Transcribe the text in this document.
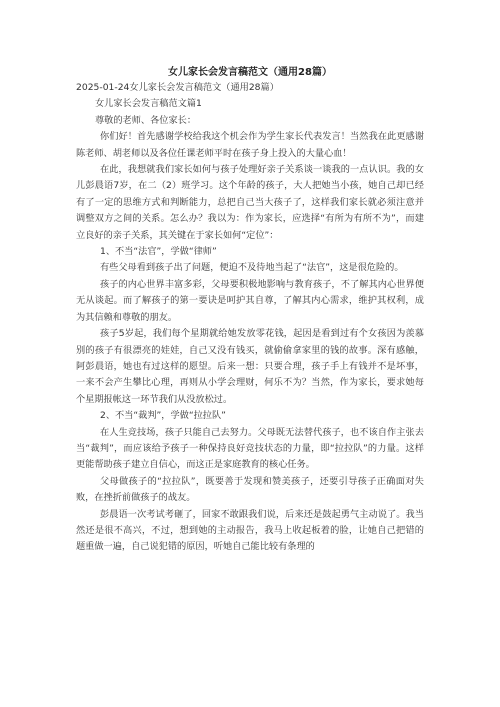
女儿家长会发言稿范文（通用28篇）

2025-01-24女儿家长会发言稿范文（通用28篇）

女儿家长会发言稿范文篇1

尊敬的老师、各位家长：

你们好！首先感谢学校给我这个机会作为学生家长代表发言！当然我在此更感谢陈老师、胡老师以及各位任课老师平时在孩子身上投入的大量心血！

在此，我想就我们家长如何与孩子处理好亲子关系谈一谈我的一点认识。我的女儿彭晨语7岁，在二（2）班学习。这个年龄的孩子，大人把她当小孩，她自己却已经有了一定的思维方式和判断能力，总把自己当大孩子了，这样我们家长就必须注意并调整双方之间的关系。怎么办？我以为：作为家长，应选择“有所为有所不为”，而建立良好的亲子关系，其关键在于家长如何“定位”：

1、不当“法官”，学做“律师”

有些父母看到孩子出了问题，便迫不及待地当起了“法官”，这是很危险的。

孩子的内心世界丰富多彩，父母要积极地影响与教育孩子，不了解其内心世界便无从谈起。而了解孩子的第一要诀是呵护其自尊，了解其内心需求，维护其权利，成为其信赖和尊敬的朋友。

孩子5岁起，我们每个星期就给她发放零花钱，起因是看到过有个女孩因为羡慕别的孩子有很漂亮的娃娃，自己又没有钱买，就偷偷拿家里的钱的故事。深有感触，阿彭晨语，她也有过这样的愿望。后来一想：只要合理，孩子手上有钱并不是坏事，一来不会产生攀比心理，再则从小学会理财，何乐不为？当然，作为家长，要求她每个星期报帐这一环节我们从没放松过。

2、不当“裁判”，学做“拉拉队”

在人生竞技场，孩子只能自己去努力。父母既无法替代孩子，也不该自作主张去当“裁判”，而应该给予孩子一种保持良好竞技状态的力量，即“拉拉队”的力量。这样更能帮助孩子建立自信心，而这正是家庭教育的核心任务。

父母做孩子的“拉拉队”，既要善于发现和赞美孩子，还要引导孩子正确面对失败，在挫折前做孩子的战友。

彭晨语一次考试考砸了，回家不敢跟我们说，后来还是鼓起勇气主动说了。我当然还是很不高兴，不过，想到她的主动报告，我马上收起板着的脸，让她自己把错的题重做一遍，自己说犯错的原因，听她自己能比较有条理的
